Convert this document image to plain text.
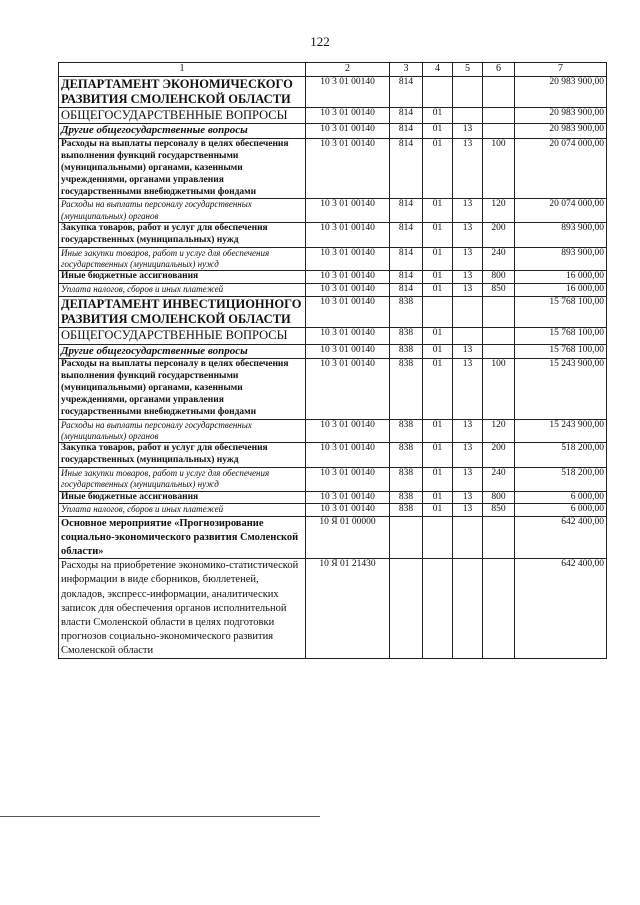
122
1	2	3	4	5	6	7
ДЕПАРТАМЕНТ ЭКОНОМИЧЕСКОГО РАЗВИТИЯ СМОЛЕНСКОЙ ОБЛАСТИ	10 3 01 00140	814				20 983 900,00
ОБЩЕГОСУДАРСТВЕННЫЕ ВОПРОСЫ	10 3 01 00140	814	01			20 983 900,00
Другие общегосударственные вопросы	10 3 01 00140	814	01	13		20 983 900,00
Расходы на выплаты персоналу в целях обеспечения выполнения функций государственными (муниципальными) органами, казенными учреждениями, органами управления государственными внебюджетными фондами	10 3 01 00140	814	01	13	100	20 074 000,00
Расходы на выплаты персоналу государственных (муниципальных) органов	10 3 01 00140	814	01	13	120	20 074 000,00
Закупка товаров, работ и услуг для обеспечения государственных (муниципальных) нужд	10 3 01 00140	814	01	13	200	893 900,00
Иные закупки товаров, работ и услуг для обеспечения государственных (муниципальных) нужд	10 3 01 00140	814	01	13	240	893 900,00
Иные бюджетные ассигнования	10 3 01 00140	814	01	13	800	16 000,00
Уплата налогов, сборов и иных платежей	10 3 01 00140	814	01	13	850	16 000,00
ДЕПАРТАМЕНТ ИНВЕСТИЦИОННОГО РАЗВИТИЯ СМОЛЕНСКОЙ ОБЛАСТИ	10 3 01 00140	838				15 768 100,00
ОБЩЕГОСУДАРСТВЕННЫЕ ВОПРОСЫ	10 3 01 00140	838	01			15 768 100,00
Другие общегосударственные вопросы	10 3 01 00140	838	01	13		15 768 100,00
Расходы на выплаты персоналу в целях обеспечения выполнения функций государственными (муниципальными) органами, казенными учреждениями, органами управления государственными внебюджетными фондами	10 3 01 00140	838	01	13	100	15 243 900,00
Расходы на выплаты персоналу государственных (муниципальных) органов	10 3 01 00140	838	01	13	120	15 243 900,00
Закупка товаров, работ и услуг для обеспечения государственных (муниципальных) нужд	10 3 01 00140	838	01	13	200	518 200,00
Иные закупки товаров, работ и услуг для обеспечения государственных (муниципальных) нужд	10 3 01 00140	838	01	13	240	518 200,00
Иные бюджетные ассигнования	10 3 01 00140	838	01	13	800	6 000,00
Уплата налогов, сборов и иных платежей	10 3 01 00140	838	01	13	850	6 000,00
Основное мероприятие «Прогнозирование социально-экономического развития Смоленской области»	10 Я 01 00000					642 400,00
Расходы на приобретение экономико-статистической информации в виде сборников, бюллетеней, докладов, экспресс-информации, аналитических записок для обеспечения органов исполнительной власти Смоленской области в целях подготовки прогнозов социально-экономического развития Смоленской области	10 Я 01 21430					642 400,00
